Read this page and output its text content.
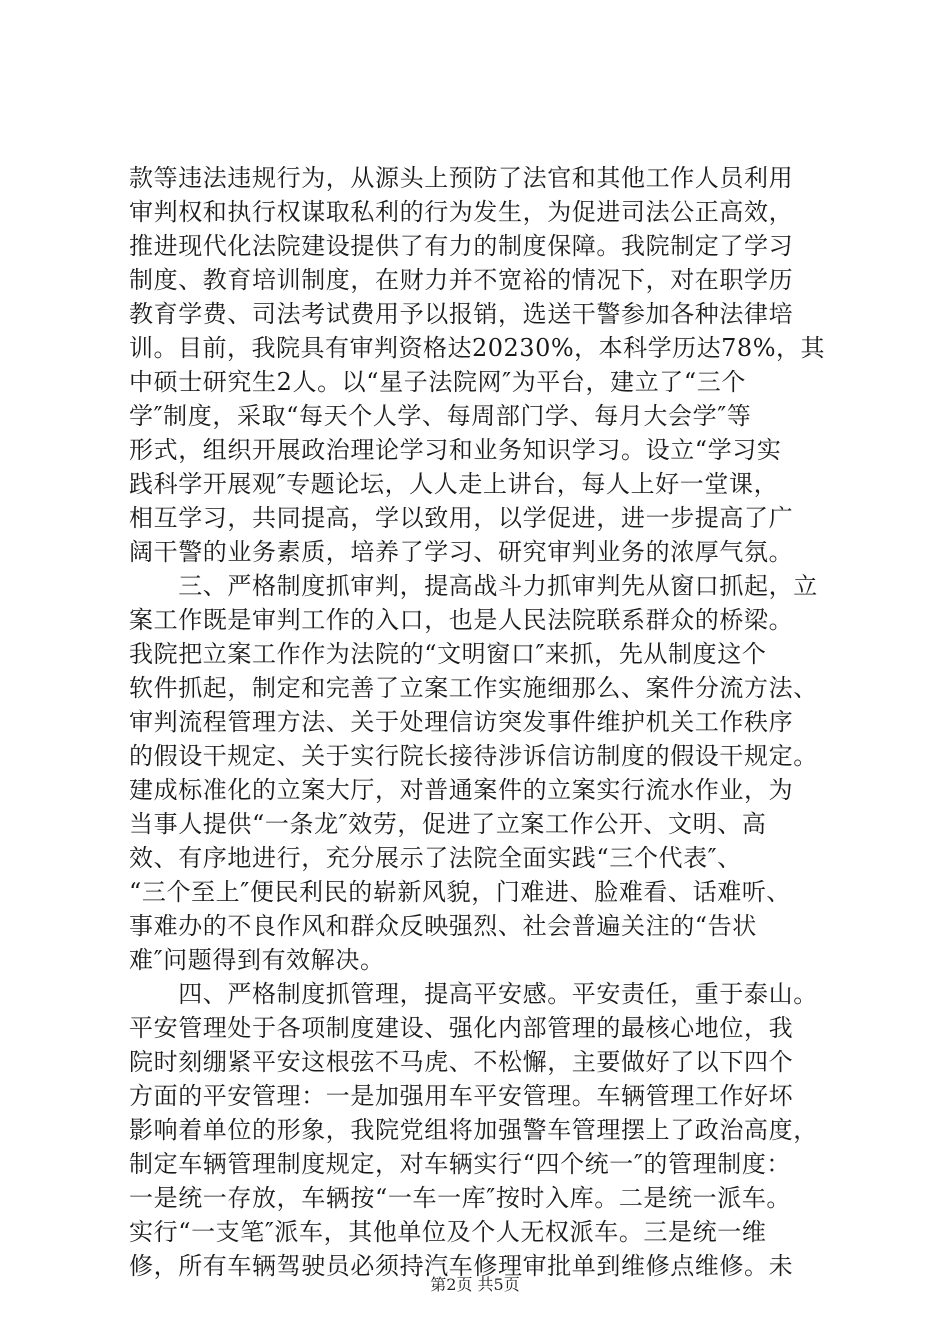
款等违法违规行为，从源头上预防了法官和其他工作人员利用
审判权和执行权谋取私利的行为发生，为促进司法公正高效，
推进现代化法院建设提供了有力的制度保障。我院制定了学习
制度、教育培训制度，在财力并不宽裕的情况下，对在职学历
教育学费、司法考试费用予以报销，选送干警参加各种法律培
训。目前，我院具有审判资格达20230%，本科学历达78%，其
中硕士研究生2人。以“星子法院网″为平台，建立了“三个
学″制度，采取“每天个人学、每周部门学、每月大会学″等
形式，组织开展政治理论学习和业务知识学习。设立“学习实
践科学开展观″专题论坛，人人走上讲台，每人上好一堂课，
相互学习，共同提高，学以致用，以学促进，进一步提高了广
阔干警的业务素质，培养了学习、研究审判业务的浓厚气氛。
　　三、严格制度抓审判，提高战斗力抓审判先从窗口抓起，立
案工作既是审判工作的入口，也是人民法院联系群众的桥梁。
我院把立案工作作为法院的“文明窗口″来抓，先从制度这个
软件抓起，制定和完善了立案工作实施细那么、案件分流方法、
审判流程管理方法、关于处理信访突发事件维护机关工作秩序
的假设干规定、关于实行院长接待涉诉信访制度的假设干规定。
建成标准化的立案大厅，对普通案件的立案实行流水作业，为
当事人提供“一条龙″效劳，促进了立案工作公开、文明、高
效、有序地进行，充分展示了法院全面实践“三个代表″、
“三个至上″便民利民的崭新风貌，门难进、脸难看、话难听、
事难办的不良作风和群众反映强烈、社会普遍关注的“告状
难″问题得到有效解决。
　　四、严格制度抓管理，提高平安感。平安责任，重于泰山。
平安管理处于各项制度建设、强化内部管理的最核心地位，我
院时刻绷紧平安这根弦不马虎、不松懈，主要做好了以下四个
方面的平安管理：一是加强用车平安管理。车辆管理工作好坏
影响着单位的形象，我院党组将加强警车管理摆上了政治高度，
制定车辆管理制度规定，对车辆实行“四个统一″的管理制度：
一是统一存放，车辆按“一车一库″按时入库。二是统一派车。
实行“一支笔″派车，其他单位及个人无权派车。三是统一维
修，所有车辆驾驶员必须持汽车修理审批单到维修点维修。未
第2页 共5页
